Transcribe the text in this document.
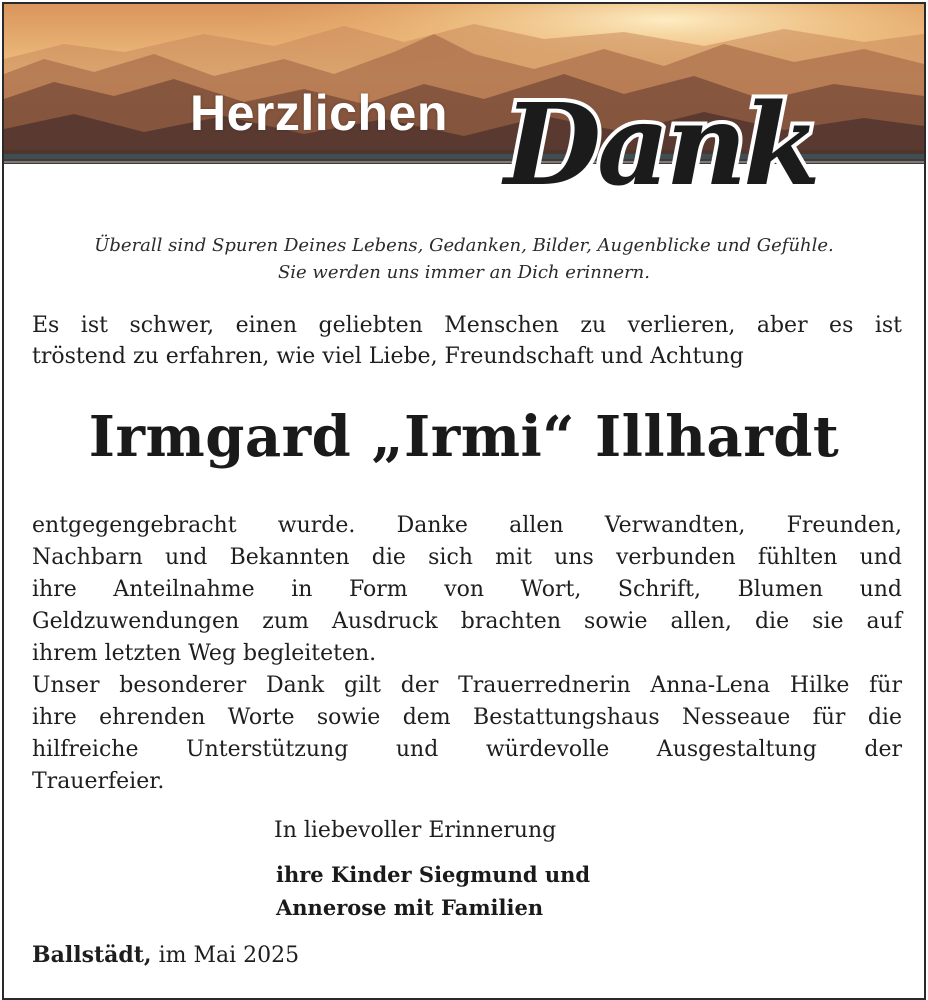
Herzlichen Dank
Überall sind Spuren Deines Lebens, Gedanken, Bilder, Augenblicke und Gefühle.
Sie werden uns immer an Dich erinnern.
Es ist schwer, einen geliebten Menschen zu verlieren, aber es ist
tröstend zu erfahren, wie viel Liebe, Freundschaft und Achtung
Irmgard „Irmi“ Illhardt
entgegengebracht wurde. Danke allen Verwandten, Freunden,
Nachbarn und Bekannten die sich mit uns verbunden fühlten und
ihre Anteilnahme in Form von Wort, Schrift, Blumen und
Geldzuwendungen zum Ausdruck brachten sowie allen, die sie auf
ihrem letzten Weg begleiteten.
Unser besonderer Dank gilt der Trauerrednerin Anna-Lena Hilke für
ihre ehrenden Worte sowie dem Bestattungshaus Nesseaue für die
hilfreiche Unterstützung und würdevolle Ausgestaltung der
Trauerfeier.
In liebevoller Erinnerung
ihre Kinder Siegmund und
Annerose mit Familien
Ballstädt, im Mai 2025
